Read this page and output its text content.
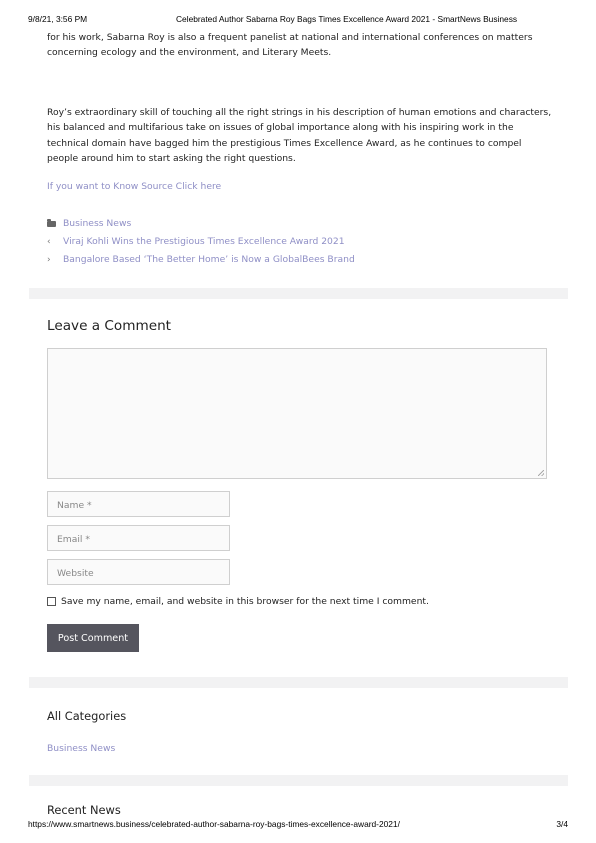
9/8/21, 3:56 PM	Celebrated Author Sabarna Roy Bags Times Excellence Award 2021 - SmartNews Business
for his work, Sabarna Roy is also a frequent panelist at national and international conferences on matters concerning ecology and the environment, and Literary Meets.
Roy’s extraordinary skill of touching all the right strings in his description of human emotions and characters, his balanced and multifarious take on issues of global importance along with his inspiring work in the technical domain have bagged him the prestigious Times Excellence Award, as he continues to compel people around him to start asking the right questions.
If you want to Know Source Click here
Business News
‹	Viraj Kohli Wins the Prestigious Times Excellence Award 2021
›	Bangalore Based ‘The Better Home’ is Now a GlobalBees Brand
Leave a Comment
Name *
Email *
Website
Save my name, email, and website in this browser for the next time I comment.
Post Comment
All Categories
Business News
Recent News
https://www.smartnews.business/celebrated-author-sabarna-roy-bags-times-excellence-award-2021/	3/4
